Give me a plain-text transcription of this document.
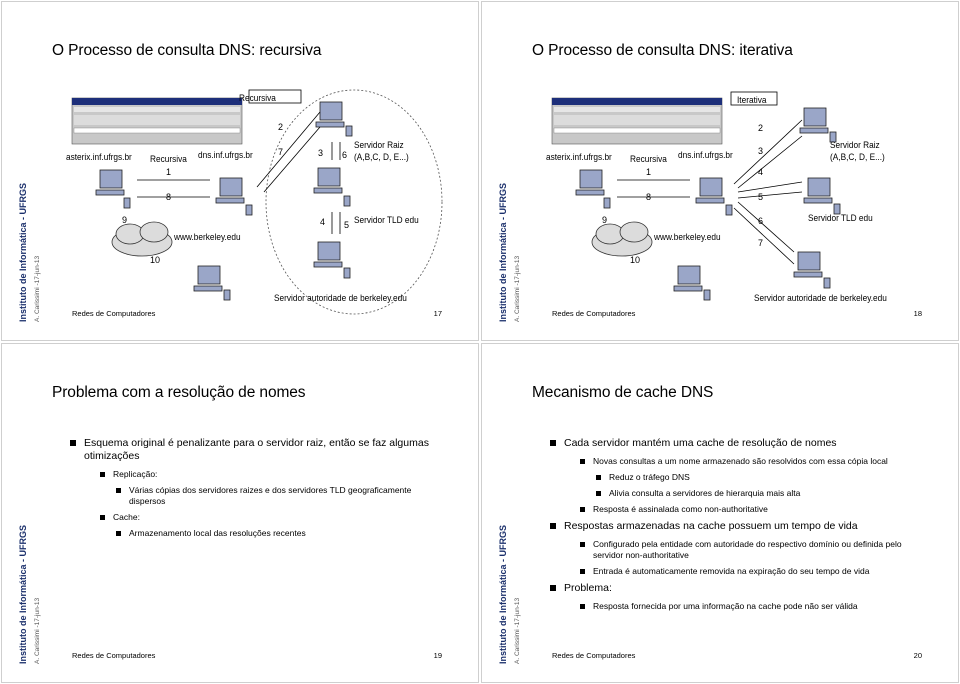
O Processo de consulta DNS: recursiva
Instituto de Informática - UFRGS A. Carissimi -17-jun-13
Recursiva
asterix.inf.ufrgs.br Recursiva dns.inf.ufrgs.br
www.berkeley.edu
Servidor Raiz
(A,B,C, D, E...)
Servidor TLD edu
Servidor autoridade de berkeley.edu
1
2
3
4 5
6
7
8
9
10
Redes de Computadores	17
O Processo de consulta DNS: iterativa
Instituto de Informática - UFRGS A. Carissimi -17-jun-13
Iterativa
asterix.inf.ufrgs.br Recursiva dns.inf.ufrgs.br
www.berkeley.edu
Servidor Raiz
(A,B,C, D, E...)
Servidor TLD edu
Servidor autoridade de berkeley.edu
1
2
3
4
5
6
7
8
9
10
Redes de Computadores	18
Problema com a resolução de nomes
Instituto de Informática - UFRGS A. Carissimi -17-jun-13
Esquema original é penalizante para o servidor raiz, então se faz algumas otimizações
Replicação:
Várias cópias dos servidores raizes e dos servidores TLD geograficamente dispersos
Cache:
Armazenamento local das resoluções recentes
Redes de Computadores	19
Mecanismo de cache DNS
Instituto de Informática - UFRGS A. Carissimi -17-jun-13
Cada servidor mantém uma cache de resolução de nomes
Novas consultas a um nome armazenado são resolvidos com essa cópia local
Reduz o tráfego DNS
Alivia consulta a servidores de hierarquia mais alta
Resposta é assinalada como non-authoritative
Respostas armazenadas na cache possuem um tempo de vida
Configurado pela entidade com autoridade do respectivo domínio ou definida pelo servidor non-authoritative
Entrada é automaticamente removida na expiração do seu tempo de vida
Problema:
Resposta fornecida por uma informação na cache pode não ser válida
Redes de Computadores	20
